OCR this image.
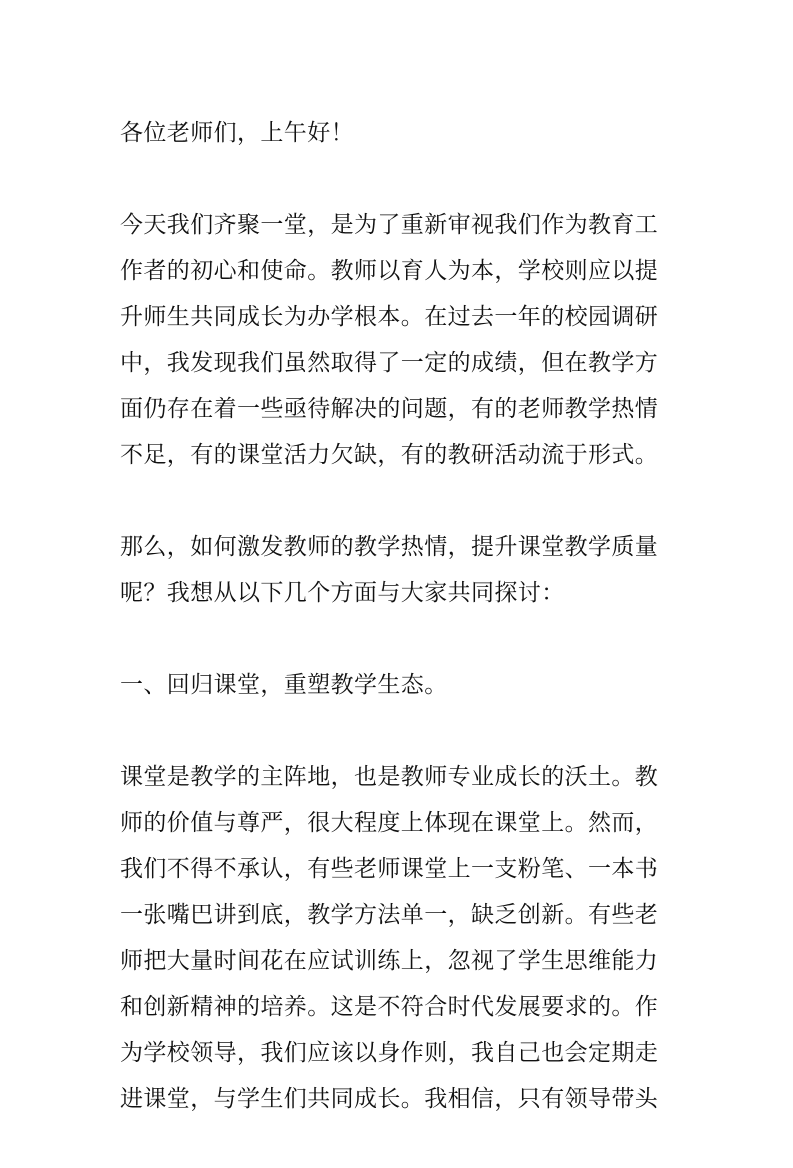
各位老师们，上午好！
今天我们齐聚一堂，是为了重新审视我们作为教育工
作者的初心和使命。教师以育人为本，学校则应以提
升师生共同成长为办学根本。在过去一年的校园调研
中，我发现我们虽然取得了一定的成绩，但在教学方
面仍存在着一些亟待解决的问题，有的老师教学热情
不足，有的课堂活力欠缺，有的教研活动流于形式。
那么，如何激发教师的教学热情，提升课堂教学质量
呢？我想从以下几个方面与大家共同探讨：
一、回归课堂，重塑教学生态。
课堂是教学的主阵地，也是教师专业成长的沃土。教
师的价值与尊严，很大程度上体现在课堂上。然而，
我们不得不承认，有些老师课堂上一支粉笔、一本书
一张嘴巴讲到底，教学方法单一，缺乏创新。有些老
师把大量时间花在应试训练上，忽视了学生思维能力
和创新精神的培养。这是不符合时代发展要求的。作
为学校领导，我们应该以身作则，我自己也会定期走
进课堂，与学生们共同成长。我相信，只有领导带头
